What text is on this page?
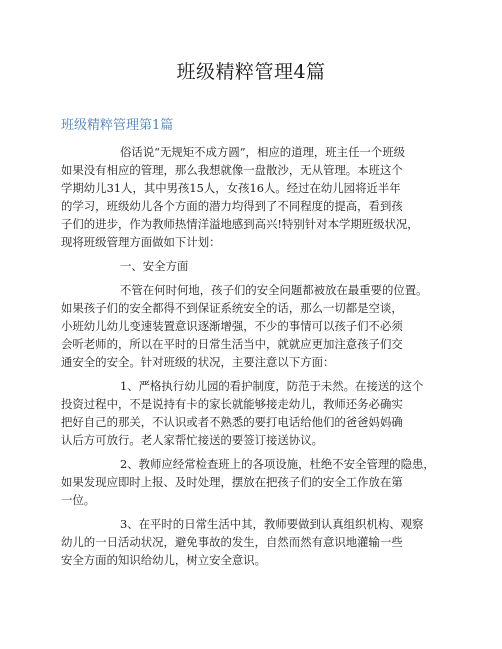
班级精粹管理4篇
班级精粹管理第1篇
俗话说“无规矩不成方圆”，相应的道理，班主任一个班级
如果没有相应的管理，那么我想就像一盘散沙，无从管理。本班这个
学期幼儿31人，其中男孩15人，女孩16人。经过在幼儿园将近半年
的学习，班级幼儿各个方面的潜力均得到了不同程度的提高，看到孩
子们的进步，作为教师热情洋溢地感到高兴!特别针对本学期班级状况，
现将班级管理方面做如下计划：
一、安全方面
不管在何时何地，孩子们的安全问题都被放在最重要的位置。
如果孩子们的安全都得不到保证系统安全的话，那么一切都是空谈，
小班幼儿幼儿变速装置意识逐渐增强，不少的事情可以孩子们不必须
会听老师的，所以在平时的日常生活当中，就就应更加注意孩子们交
通安全的安全。针对班级的状况，主要注意以下方面：
1、严格执行幼儿园的看护制度，防范于未然。在接送的这个
投资过程中，不是说持有卡的家长就能够接走幼儿，教师还务必确实
把好自己的那关，不认识或者不熟悉的要打电话给他们的爸爸妈妈确
认后方可放行。老人家帮忙接送的要签订接送协议。
2、教师应经常检查班上的各项设施，杜绝不安全管理的隐患，
如果发现应即时上报、及时处理，摆放在把孩子们的安全工作放在第
一位。
3、在平时的日常生活中其，教师要做到认真组织机构、观察
幼儿的一日活动状况，避免事故的发生，自然而然有意识地灌输一些
安全方面的知识给幼儿，树立安全意识。
